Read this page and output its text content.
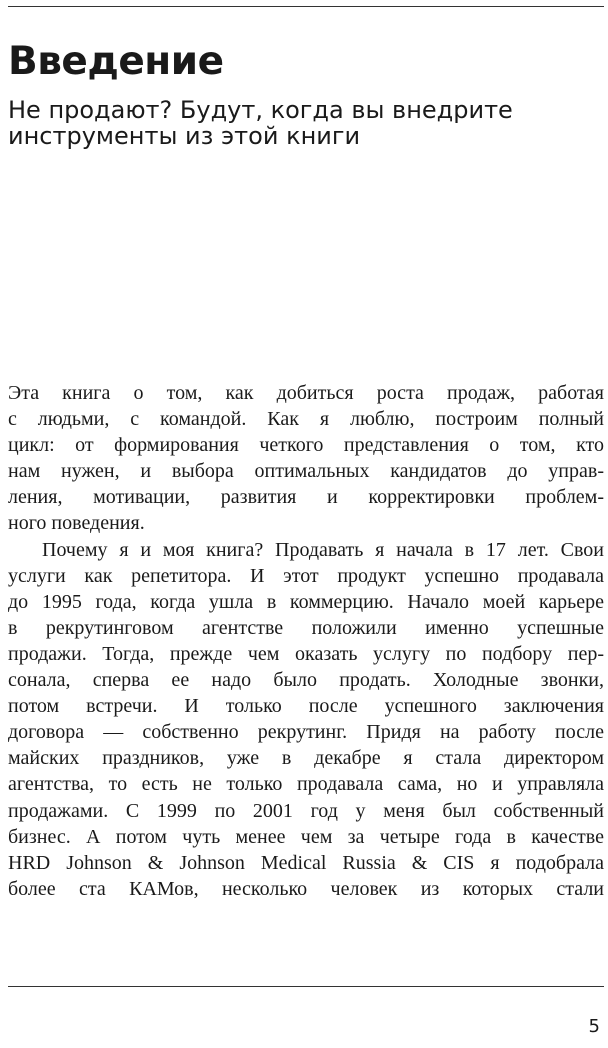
Введение
Не продают? Будут, когда вы внедрите
инструменты из этой книги
Эта книга о том, как добиться роста продаж, работая
с людьми, с командой. Как я люблю, построим полный
цикл: от формирования четкого представления о том, кто
нам нужен, и выбора оптимальных кандидатов до управ-
ления, мотивации, развития и корректировки проблем-
ного поведения.
Почему я и моя книга? Продавать я начала в 17 лет. Свои
услуги как репетитора. И этот продукт успешно продавала
до 1995 года, когда ушла в коммерцию. Начало моей карьере
в рекрутинговом агентстве положили именно успешные
продажи. Тогда, прежде чем оказать услугу по подбору пер-
сонала, сперва ее надо было продать. Холодные звонки,
потом встречи. И только после успешного заключения
договора — собственно рекрутинг. Придя на работу после
майских праздников, уже в декабре я стала директором
агентства, то есть не только продавала сама, но и управляла
продажами. С 1999 по 2001 год у меня был собственный
бизнес. А потом чуть менее чем за четыре года в качестве
HRD Johnson & Johnson Medical Russia & CIS я подобрала
более ста КАМов, несколько человек из которых стали
5
